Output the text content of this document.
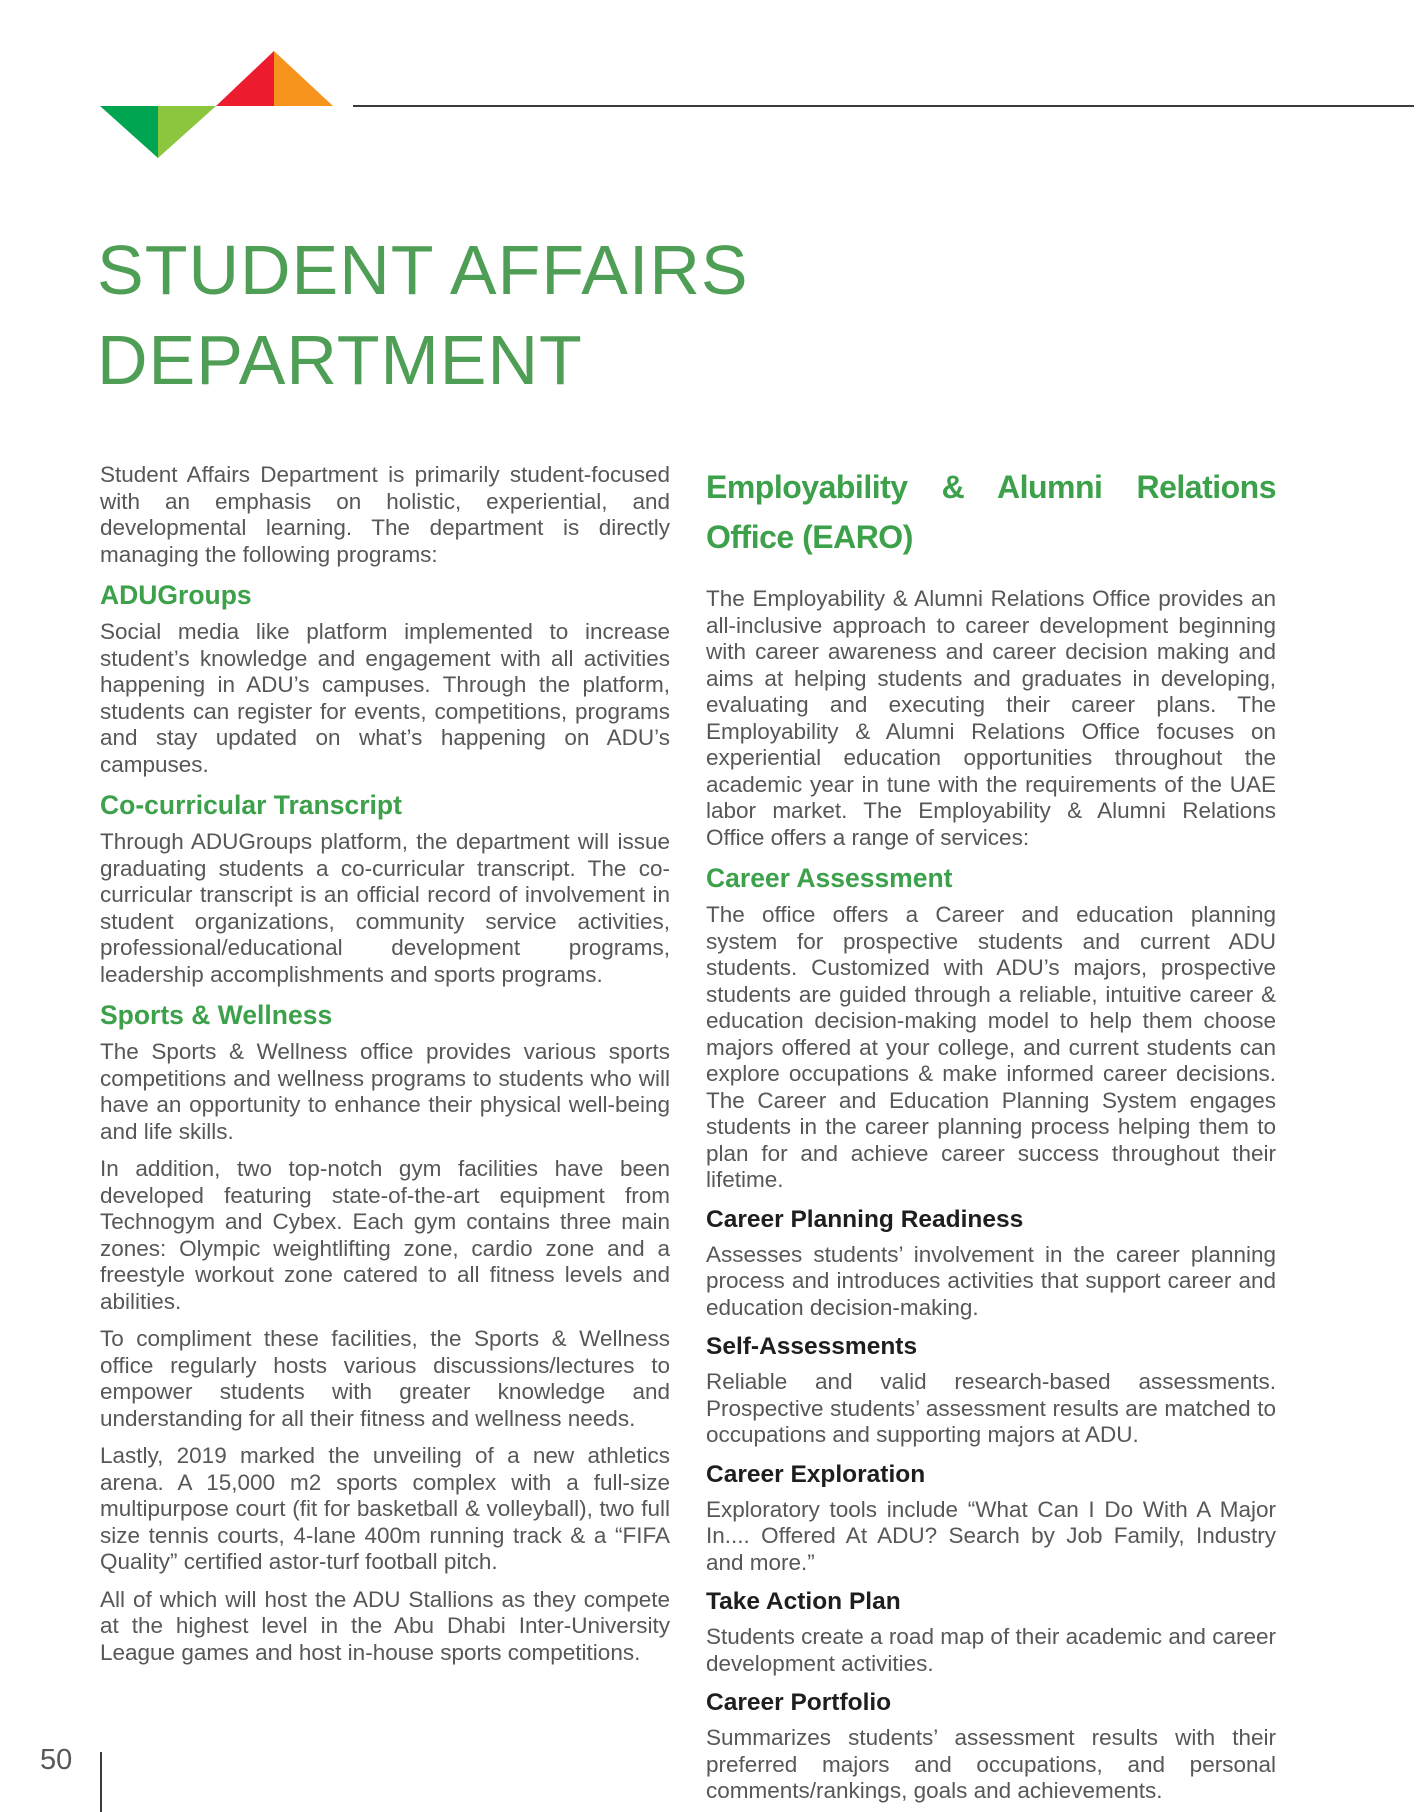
STUDENT AFFAIRS
DEPARTMENT

Student Affairs Department is primarily student-focused with an emphasis on holistic, experiential, and developmental learning. The department is directly managing the following programs:

ADUGroups

Social media like platform implemented to increase student’s knowledge and engagement with all activities happening in ADU’s campuses. Through the platform, students can register for events, competitions, programs and stay updated on what’s happening on ADU’s campuses.

Co-curricular Transcript

Through ADUGroups platform, the department will issue graduating students a co-curricular transcript. The co-curricular transcript is an official record of involvement in student organizations, community service activities, professional/educational development programs, leadership accomplishments and sports programs.

Sports & Wellness

The Sports & Wellness office provides various sports competitions and wellness programs to students who will have an opportunity to enhance their physical well-being and life skills.

In addition, two top-notch gym facilities have been developed featuring state-of-the-art equipment from Technogym and Cybex. Each gym contains three main zones: Olympic weightlifting zone, cardio zone and a freestyle workout zone catered to all fitness levels and abilities.

To compliment these facilities, the Sports & Wellness office regularly hosts various discussions/lectures to empower students with greater knowledge and understanding for all their fitness and wellness needs.

Lastly, 2019 marked the unveiling of a new athletics arena. A 15,000 m2 sports complex with a full-size multipurpose court (fit for basketball & volleyball), two full size tennis courts, 4-lane 400m running track & a “FIFA Quality” certified astor-turf football pitch.

All of which will host the ADU Stallions as they compete at the highest level in the Abu Dhabi Inter-University League games and host in-house sports competitions.

Employability & Alumni Relations Office (EARO)

The Employability & Alumni Relations Office provides an all-inclusive approach to career development beginning with career awareness and career decision making and aims at helping students and graduates in developing, evaluating and executing their career plans. The Employability & Alumni Relations Office focuses on experiential education opportunities throughout the academic year in tune with the requirements of the UAE labor market. The Employability & Alumni Relations Office offers a range of services:

Career Assessment

The office offers a Career and education planning system for prospective students and current ADU students. Customized with ADU’s majors, prospective students are guided through a reliable, intuitive career & education decision-making model to help them choose majors offered at your college, and current students can explore occupations & make informed career decisions. The Career and Education Planning System engages students in the career planning process helping them to plan for and achieve career success throughout their lifetime.

Career Planning Readiness

Assesses students’ involvement in the career planning process and introduces activities that support career and education decision-making.

Self-Assessments

Reliable and valid research-based assessments. Prospective students’ assessment results are matched to occupations and supporting majors at ADU.

Career Exploration

Exploratory tools include “What Can I Do With A Major In.... Offered At ADU? Search by Job Family, Industry and more.”

Take Action Plan

Students create a road map of their academic and career development activities.

Career Portfolio

Summarizes students’ assessment results with their preferred majors and occupations, and personal comments/rankings, goals and achievements.

50
